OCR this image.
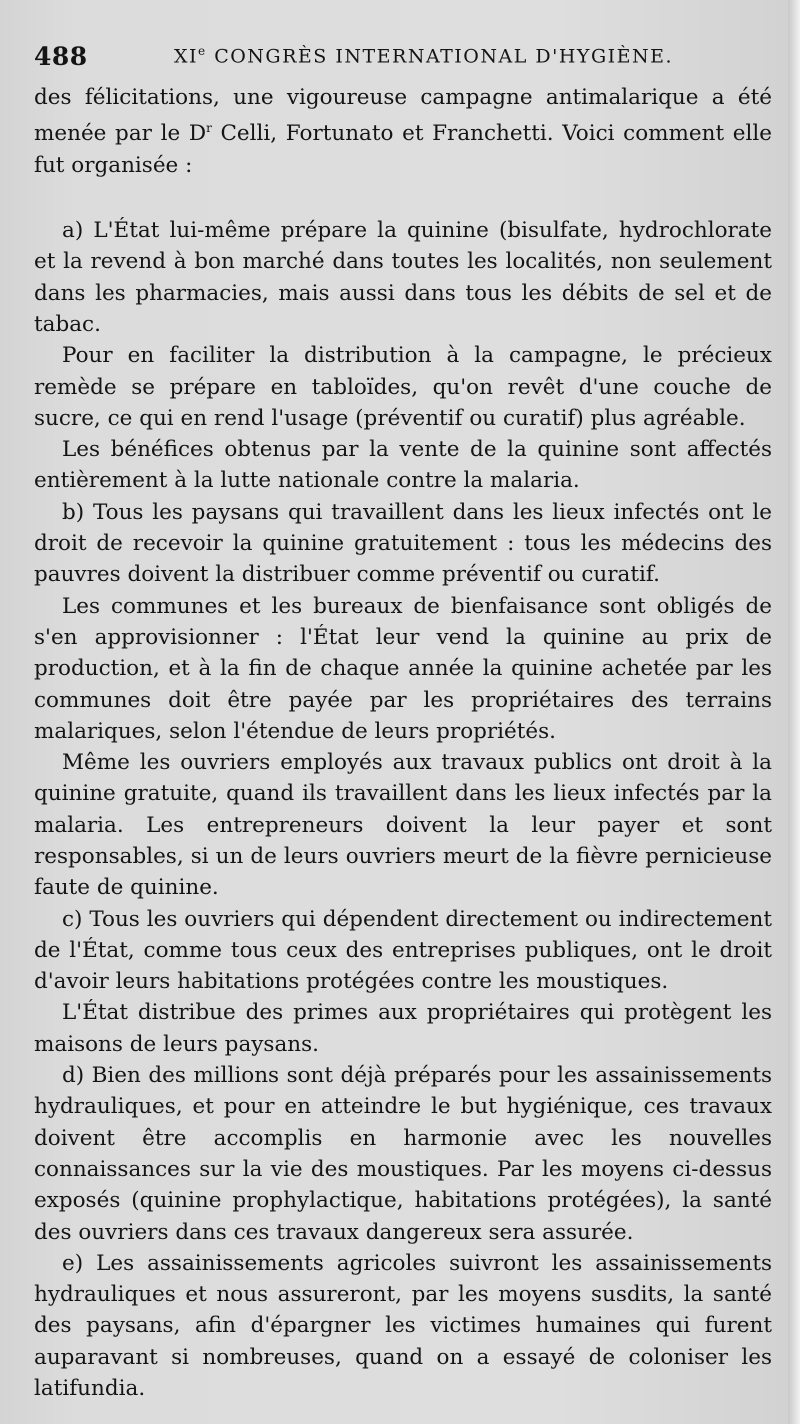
488	XIe CONGRÈS INTERNATIONAL D'HYGIÈNE.

des félicitations, une vigoureuse campagne antimalarique a été menée par le $D^r$ Celli, Fortunato et Franchetti. Voici comment elle fut organisée :

a) L'État lui-même prépare la quinine (bisulfate, hydrochlorate et la revend à bon marché dans toutes les localités, non seulement dans les pharmacies, mais aussi dans tous les débits de sel et de tabac.

Pour en faciliter la distribution à la campagne, le précieux remède se prépare en tabloïdes, qu'on revêt d'une couche de sucre, ce qui en rend l'usage (préventif ou curatif) plus agréable.

Les bénéfices obtenus par la vente de la quinine sont affectés entièrement à la lutte nationale contre la malaria.

b) Tous les paysans qui travaillent dans les lieux infectés ont le droit de recevoir la quinine gratuitement : tous les médecins des pauvres doivent la distribuer comme préventif ou curatif.

Les communes et les bureaux de bienfaisance sont obligés de s'en approvisionner : l'État leur vend la quinine au prix de production, et à la fin de chaque année la quinine achetée par les communes doit être payée par les propriétaires des terrains malariques, selon l'étendue de leurs propriétés.

Même les ouvriers employés aux travaux publics ont droit à la quinine gratuite, quand ils travaillent dans les lieux infectés par la malaria. Les entrepreneurs doivent la leur payer et sont responsables, si un de leurs ouvriers meurt de la fièvre pernicieuse faute de quinine.

c) Tous les ouvriers qui dépendent directement ou indirectement de l'État, comme tous ceux des entreprises publiques, ont le droit d'avoir leurs habitations protégées contre les moustiques.

L'État distribue des primes aux propriétaires qui protègent les maisons de leurs paysans.

d) Bien des millions sont déjà préparés pour les assainissements hydrauliques, et pour en atteindre le but hygiénique, ces travaux doivent être accomplis en harmonie avec les nouvelles connaissances sur la vie des moustiques. Par les moyens ci-dessus exposés (quinine prophylactique, habitations protégées), la santé des ouvriers dans ces travaux dangereux sera assurée.

e) Les assainissements agricoles suivront les assainissements hydrauliques et nous assureront, par les moyens susdits, la santé des paysans, afin d'épargner les victimes humaines qui furent auparavant si nombreuses, quand on a essayé de coloniser les latifundia.
